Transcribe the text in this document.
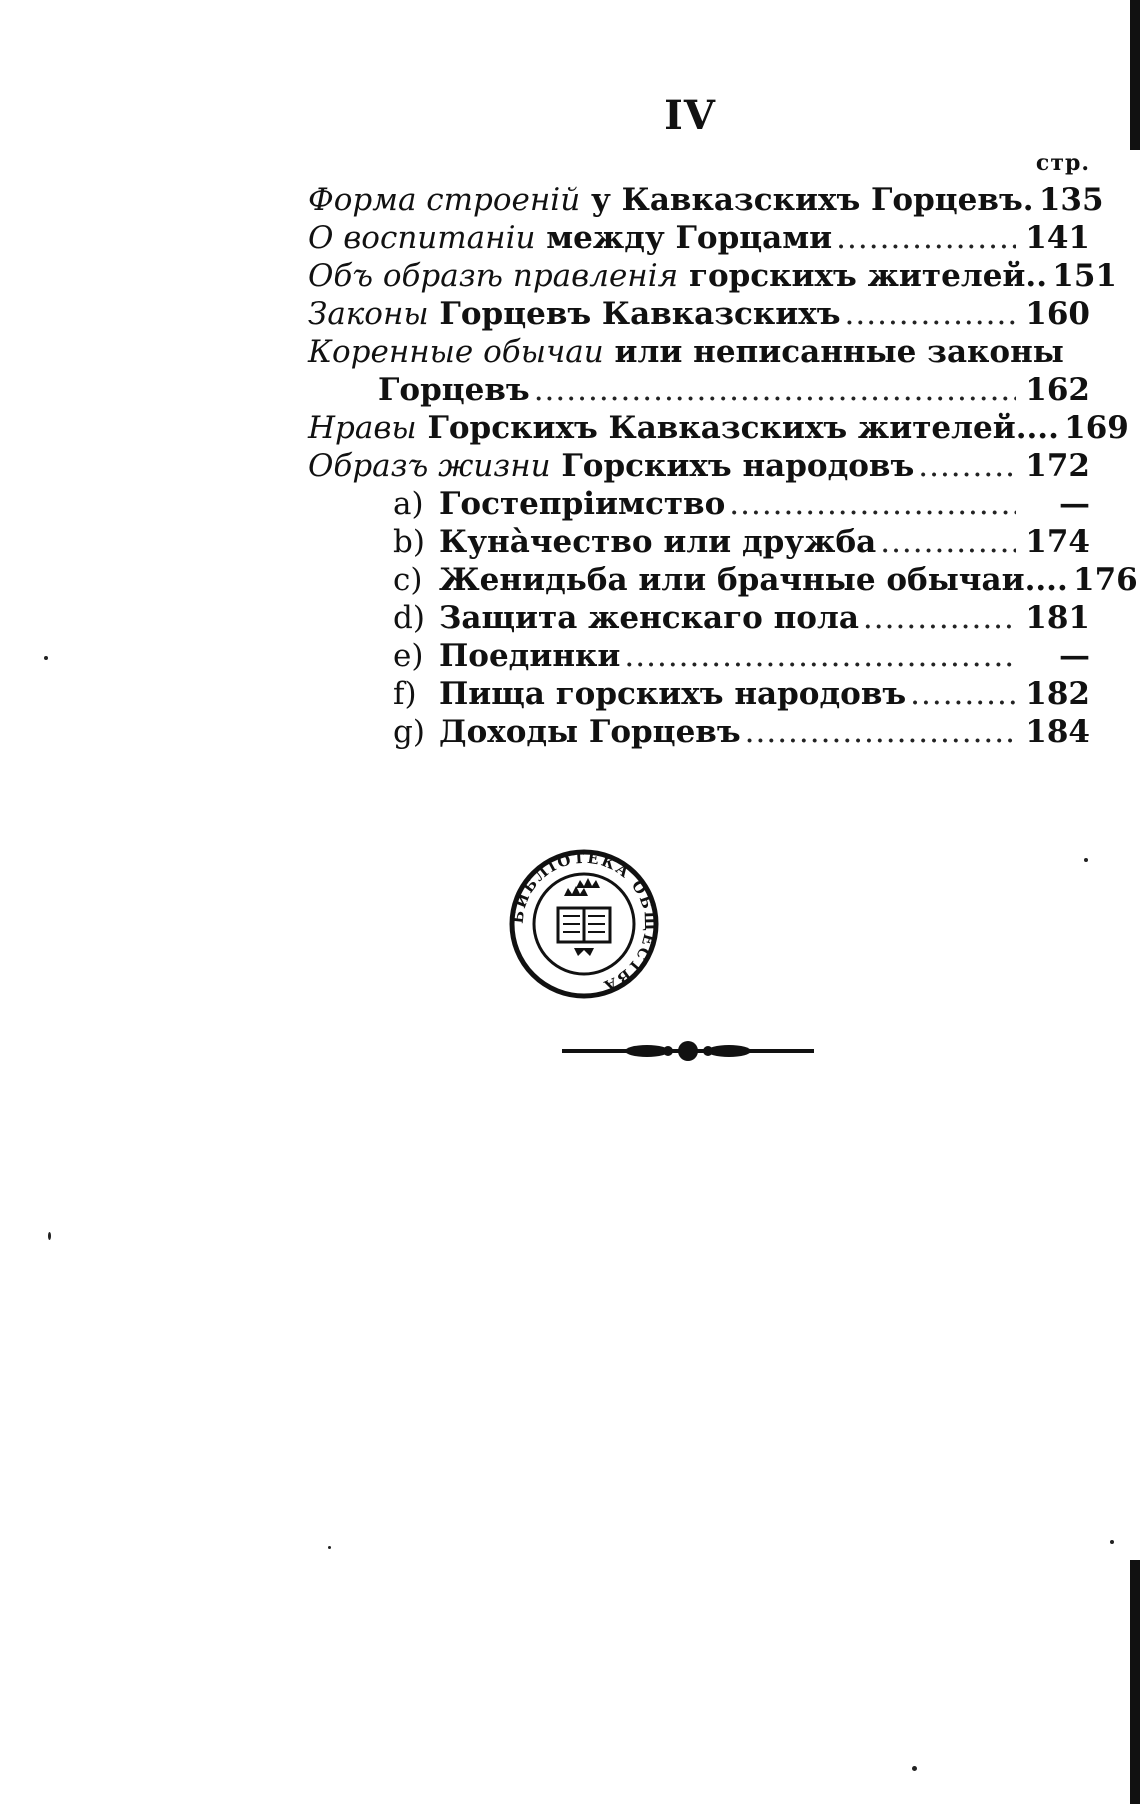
IV
стр.
Форма строеній у Кавказскихъ Горцевъ. 135
О воспитаніи между Горцами .....	141
Объ образѣ правленія горскихъ жителей.. 151
Законы Горцевъ Кавказскихъ .....	160
Коренные обычаи или неписанные законы
Горцевъ .....	162
Нравы Горскихъ Кавказскихъ жителей.... 169
Образъ жизни Горскихъ народовъ .....	172
a) Гостепріимство .....	—
b) Кунàчество или дружба .....	174
c) Женидьба или брачные обычаи.... 176
d) Защита женскаго пола .....	181
e) Поединки .....	—
f) Пища горскихъ народовъ .....	182
g) Доходы Горцевъ .....	184
БИБЛІОТЕКА ОБЩЕСТВА
